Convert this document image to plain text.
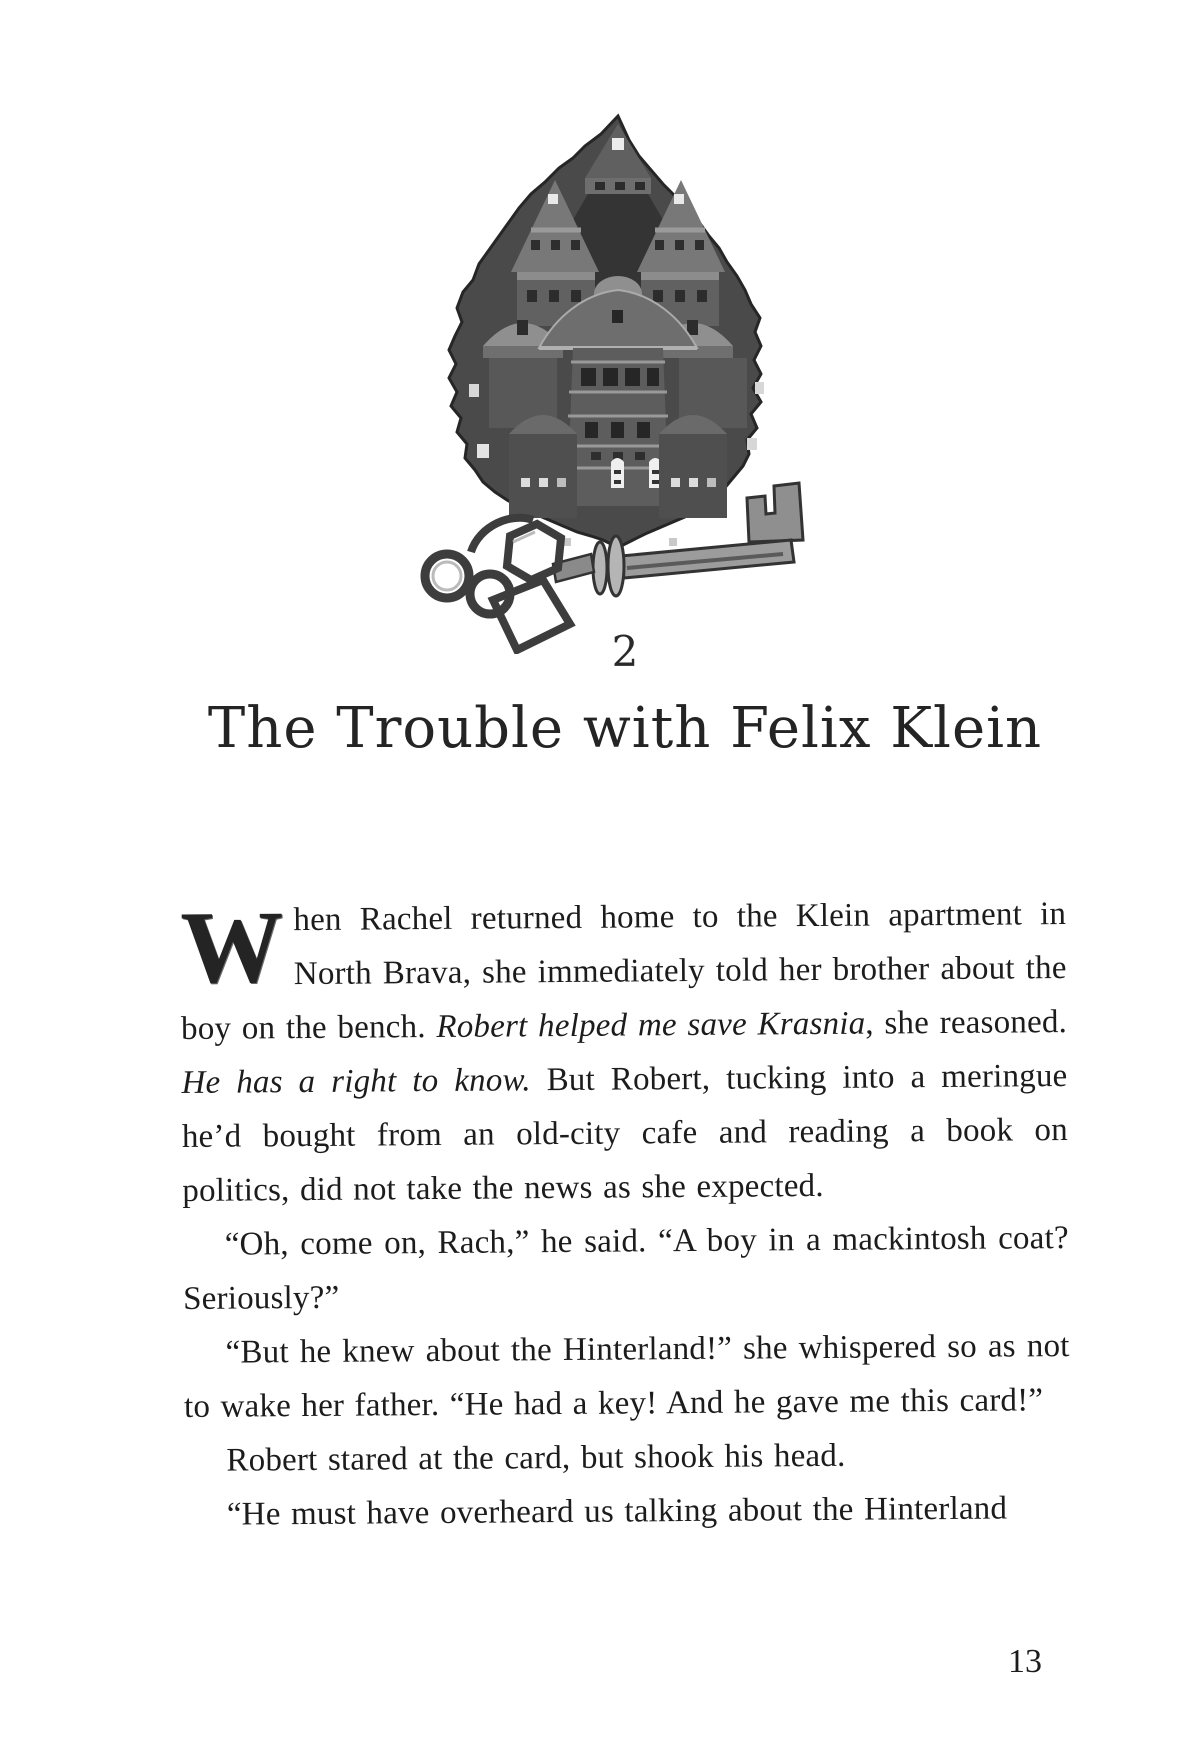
2
The Trouble with Felix Klein

When Rachel returned home to the Klein apartment in North Brava, she immediately told her brother about the boy on the bench. Robert helped me save Krasnia, she reasoned. He has a right to know. But Robert, tucking into a meringue he’d bought from an old-city cafe and reading a book on politics, did not take the news as she expected.

“Oh, come on, Rach,” he said. “A boy in a mackintosh coat? Seriously?”

“But he knew about the Hinterland!” she whispered so as not to wake her father. “He had a key! And he gave me this card!”

Robert stared at the card, but shook his head.

“He must have overheard us talking about the Hinterland

13
